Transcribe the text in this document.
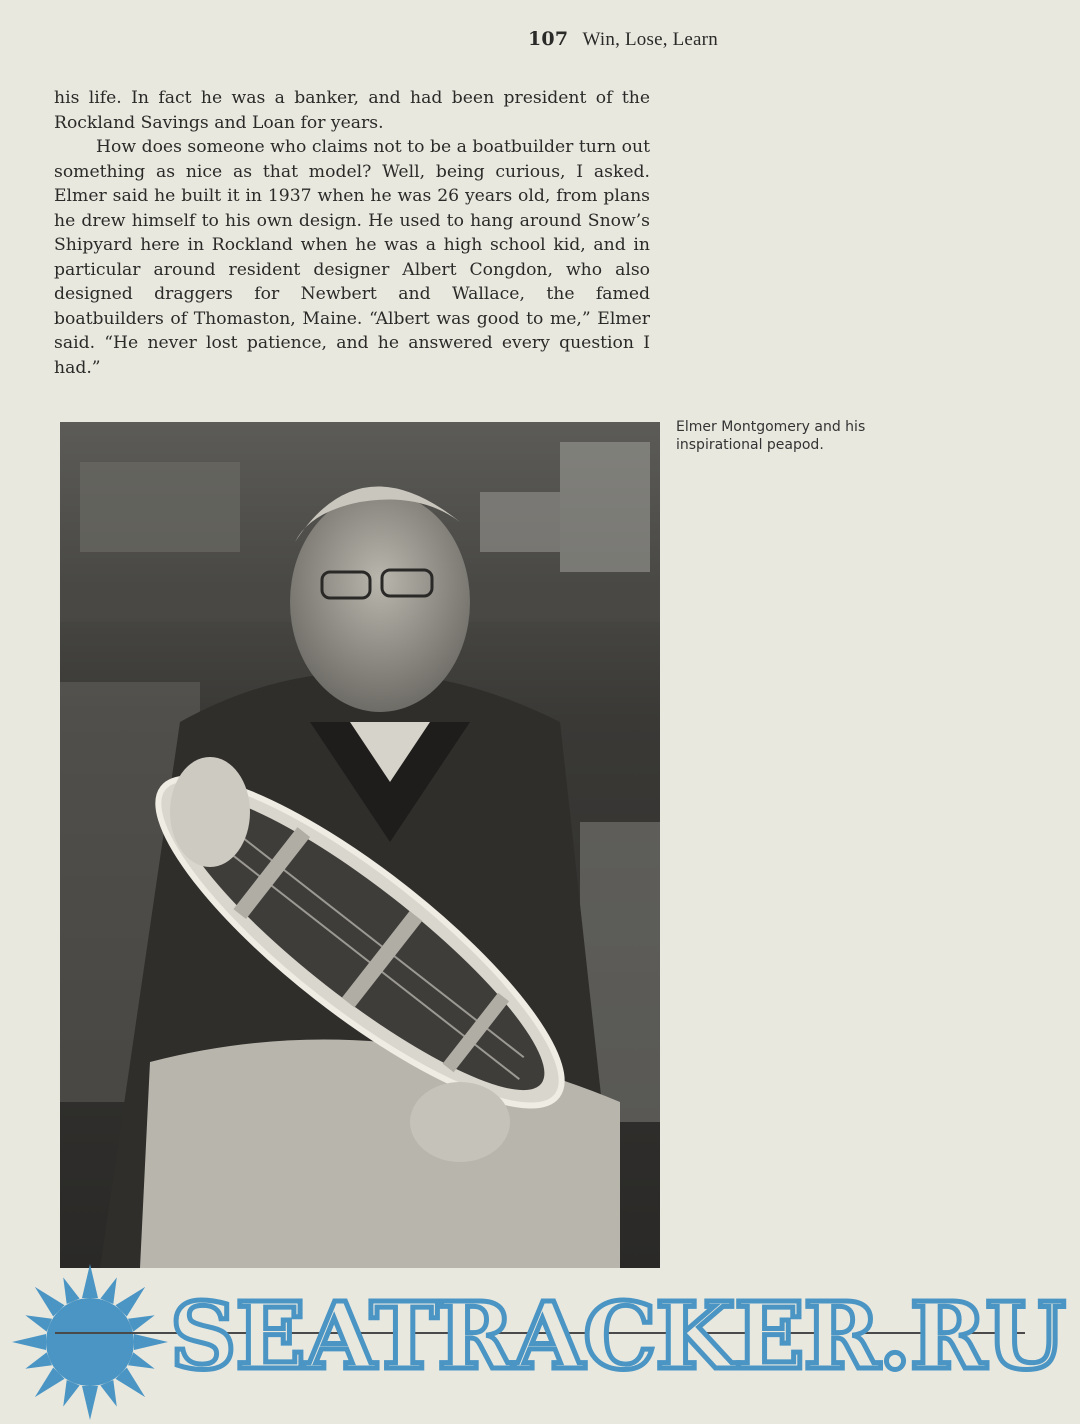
107 Win, Lose, Learn

his life. In fact he was a banker, and had been president of the Rockland Savings and Loan for years.

How does someone who claims not to be a boatbuilder turn out something as nice as that model? Well, being curious, I asked. Elmer said he built it in 1937 when he was 26 years old, from plans he drew himself to his own design. He used to hang around Snow’s Shipyard here in Rockland when he was a high school kid, and in particular around resident designer Albert Congdon, who also designed draggers for Newbert and Wallace, the famed boatbuilders of Thomaston, Maine. “Albert was good to me,” Elmer said. “He never lost patience, and he answered every question I had.”

Elmer Montgomery and his inspirational peapod.
SEATRACKER.RU
